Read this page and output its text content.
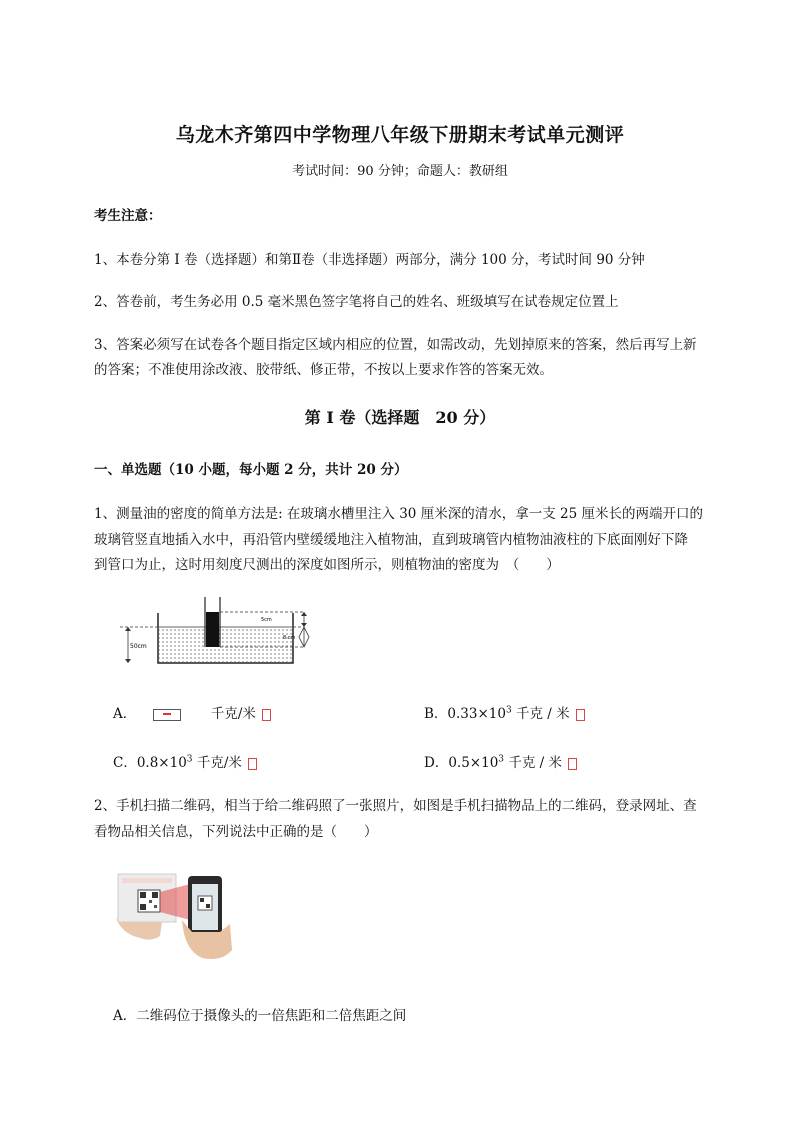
乌龙木齐第四中学物理八年级下册期末考试单元测评
考试时间：90 分钟；命题人：教研组
考生注意：
1、本卷分第 I 卷（选择题）和第Ⅱ卷（非选择题）两部分，满分 100 分，考试时间 90 分钟
2、答卷前，考生务必用 0.5 毫米黑色签字笔将自己的姓名、班级填写在试卷规定位置上
3、答案必须写在试卷各个题目指定区域内相应的位置，如需改动，先划掉原来的答案，然后再写上新
的答案；不准使用涂改液、胶带纸、修正带，不按以上要求作答的答案无效。
第 I 卷（选择题　20 分）
一、单选题（10 小题，每小题 2 分，共计 20 分）
1、测量油的密度的简单方法是: 在玻璃水槽里注入 30 厘米深的清水，拿一支 25 厘米长的两端开口的
玻璃管竖直地插入水中，再沿管内壁缓缓地注入植物油，直到玻璃管内植物油液柱的下底面刚好下降
到管口为止，这时用刻度尺测出的深度如图所示，则植物油的密度为　（　　）
50cm
5cm
8 cm
A．	千克/米	B．$0.33\times 10^3$ 千克 / 米
C．$0.8\times 10^3$ 千克/米	D．$0.5\times 10^3$ 千克 / 米
2、手机扫描二维码，相当于给二维码照了一张照片，如图是手机扫描物品上的二维码，登录网址、查
看物品相关信息，下列说法中正确的是（　　）
A．二维码位于摄像头的一倍焦距和二倍焦距之间
